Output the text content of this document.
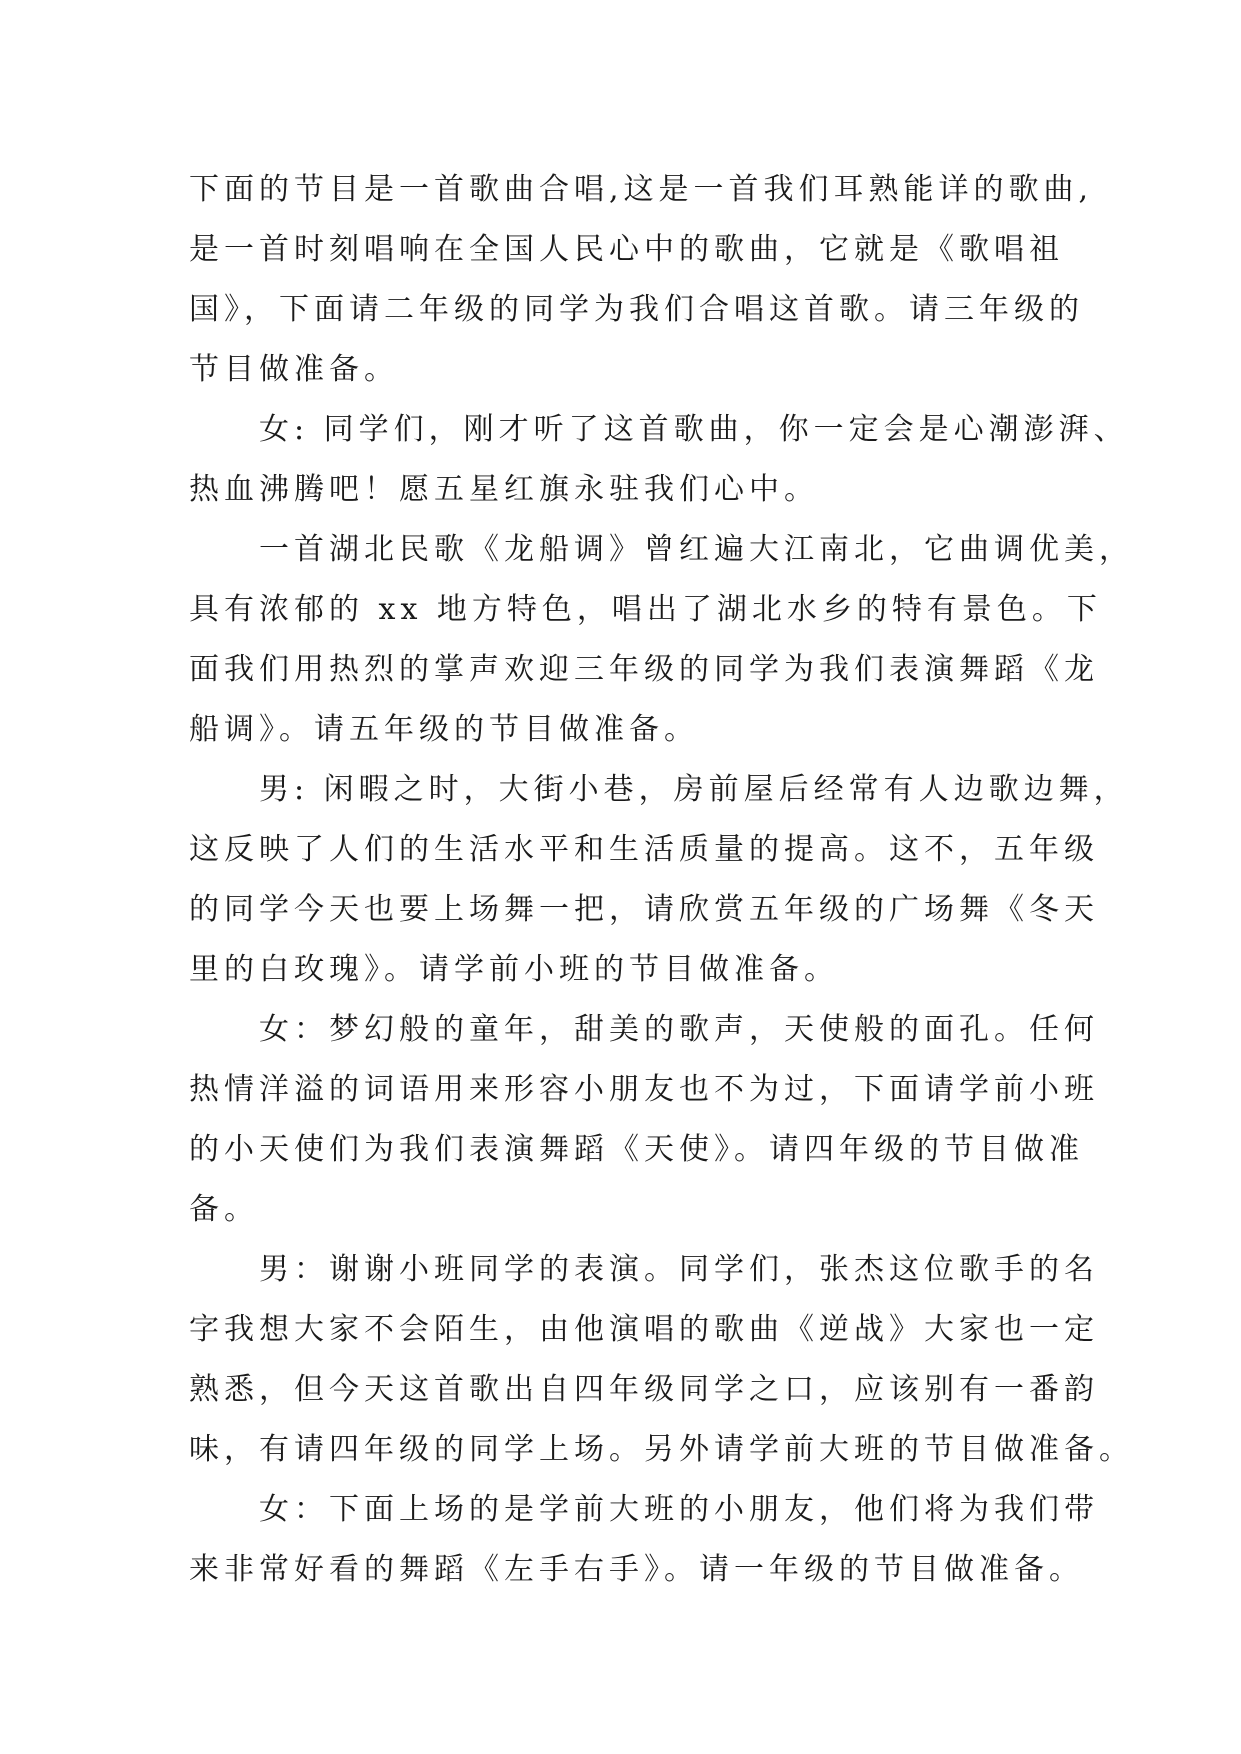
下面的节目是一首歌曲合唱,这是一首我们耳熟能详的歌曲,
是一首时刻唱响在全国人民心中的歌曲，它就是《歌唱祖
国》，下面请二年级的同学为我们合唱这首歌。请三年级的
节目做准备。
女: 同学们，刚才听了这首歌曲，你一定会是心潮澎湃、
热血沸腾吧！愿五星红旗永驻我们心中。
一首湖北民歌《龙船调》曾红遍大江南北，它曲调优美，
具有浓郁的 xx 地方特色，唱出了湖北水乡的特有景色。下
面我们用热烈的掌声欢迎三年级的同学为我们表演舞蹈《龙
船调》。请五年级的节目做准备。
男: 闲暇之时，大街小巷，房前屋后经常有人边歌边舞，
这反映了人们的生活水平和生活质量的提高。这不，五年级
的同学今天也要上场舞一把，请欣赏五年级的广场舞《冬天
里的白玫瑰》。请学前小班的节目做准备。
女：梦幻般的童年，甜美的歌声，天使般的面孔。任何
热情洋溢的词语用来形容小朋友也不为过，下面请学前小班
的小天使们为我们表演舞蹈《天使》。请四年级的节目做准
备。
男：谢谢小班同学的表演。同学们，张杰这位歌手的名
字我想大家不会陌生，由他演唱的歌曲《逆战》大家也一定
熟悉，但今天这首歌出自四年级同学之口，应该别有一番韵
味，有请四年级的同学上场。另外请学前大班的节目做准备。
女：下面上场的是学前大班的小朋友，他们将为我们带
来非常好看的舞蹈《左手右手》。请一年级的节目做准备。
